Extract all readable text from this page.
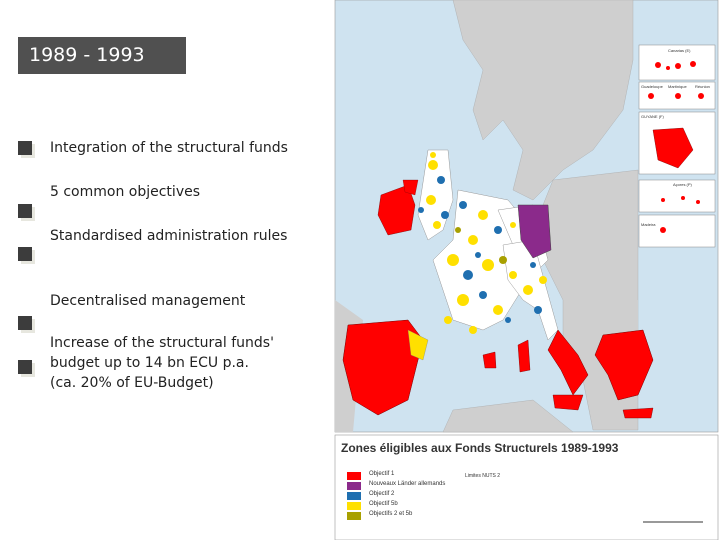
1989 - 1993
Integration of the structural funds
5 common objectives
Standardised administration rules
Decentralised management
Increase of the structural funds'
budget up to 14 bn ECU p.a.
(ca. 20% of EU-Budget)
Canarias (E)
Guadeloupe Martinique Réunion
GUYANE (F)
Açores (P)
Madeira
Zones éligibles aux Fonds Structurels 1989-1993
Objectif 1
Nouveaux Länder allemands
Objectif 2
Objectif 5b
Objectifs 2 et 5b
Limites NUTS 2
